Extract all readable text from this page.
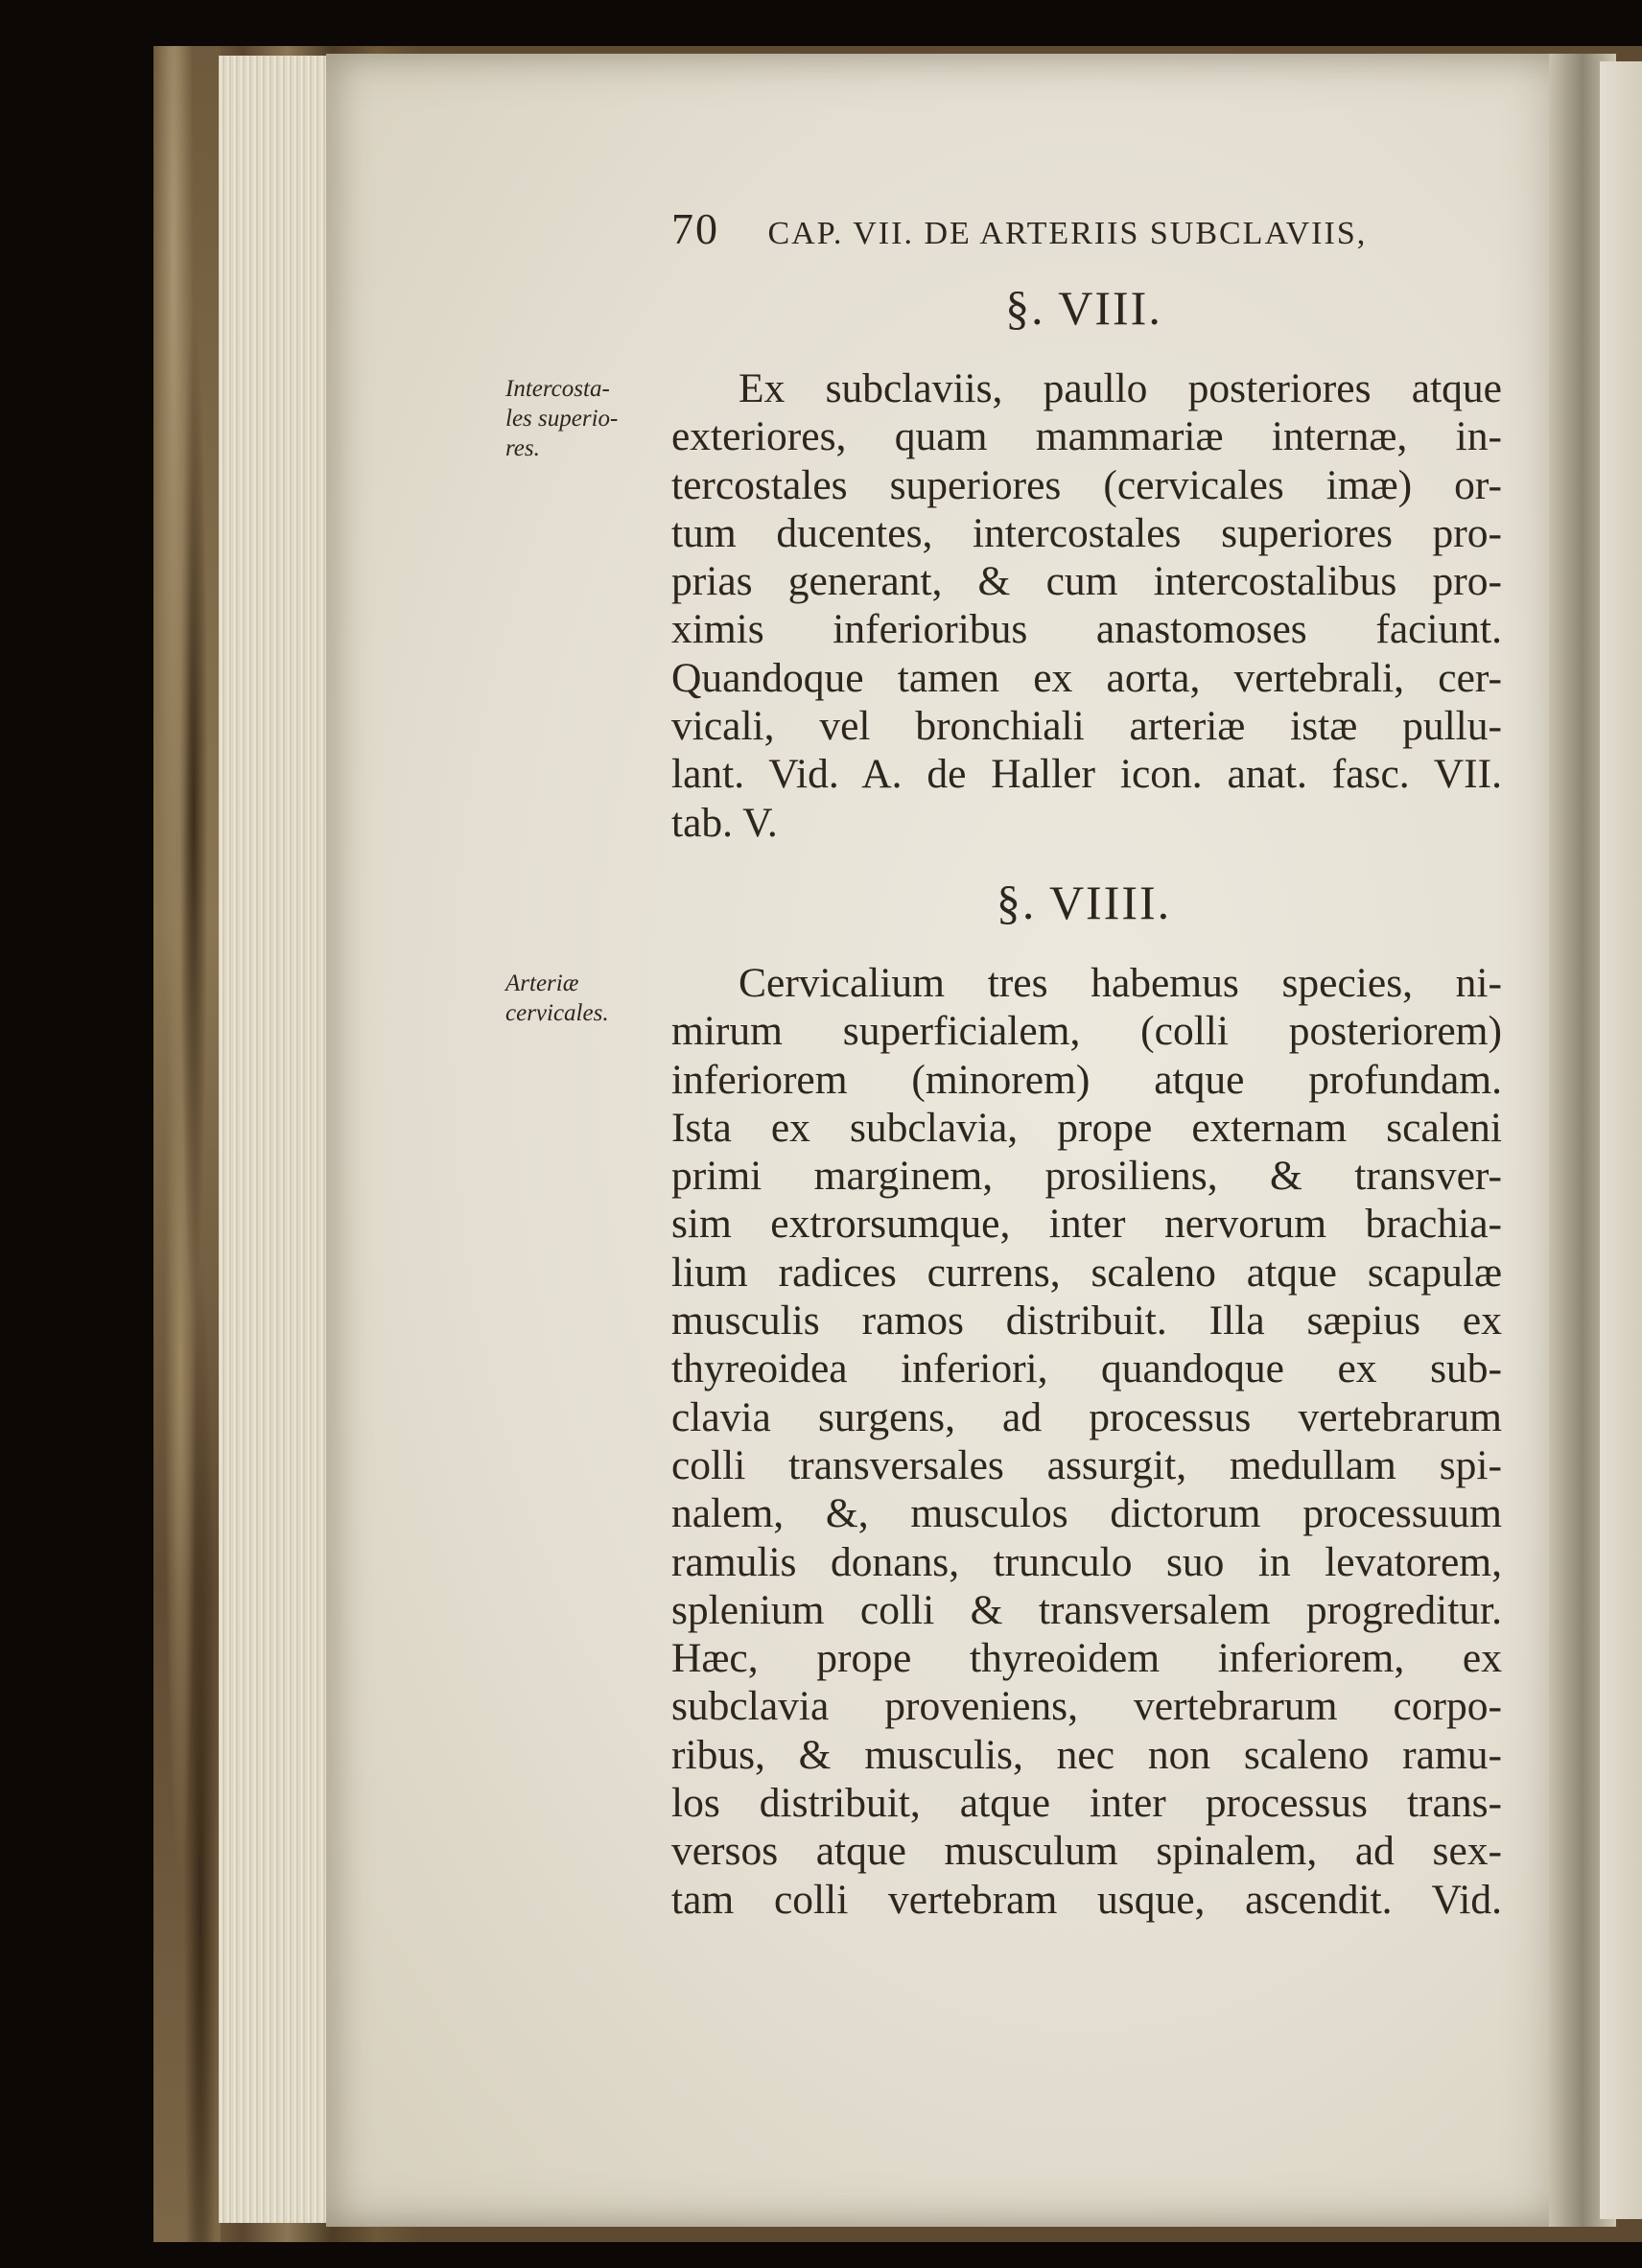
70 CAP. VII. DE ARTERIIS SUBCLAVIIS,
§. VIII.
Intercosta-
les superio-
res.
Ex subclaviis, paullo posteriores atque
exteriores, quam mammariæ internæ, in-
tercostales superiores (cervicales imæ) or-
tum ducentes, intercostales superiores pro-
prias generant, & cum intercostalibus pro-
ximis inferioribus anastomoses faciunt.
Quandoque tamen ex aorta, vertebrali, cer-
vicali, vel bronchiali arteriæ istæ pullu-
lant. Vid. A. de Haller icon. anat. fasc. VII.
tab. V.
§. VIIII.
Arteriæ
cervicales.
Cervicalium tres habemus species, ni-
mirum superficialem, (colli posteriorem)
inferiorem (minorem) atque profundam.
Ista ex subclavia, prope externam scaleni
primi marginem, prosiliens, & transver-
sim extrorsumque, inter nervorum brachia-
lium radices currens, scaleno atque scapulæ
musculis ramos distribuit. Illa sæpius ex
thyreoidea inferiori, quandoque ex sub-
clavia surgens, ad processus vertebrarum
colli transversales assurgit, medullam spi-
nalem, &, musculos dictorum processuum
ramulis donans, trunculo suo in levatorem,
splenium colli & transversalem progreditur.
Hæc, prope thyreoidem inferiorem, ex
subclavia proveniens, vertebrarum corpo-
ribus, & musculis, nec non scaleno ramu-
los distribuit, atque inter processus trans-
versos atque musculum spinalem, ad sex-
tam colli vertebram usque, ascendit. Vid.
